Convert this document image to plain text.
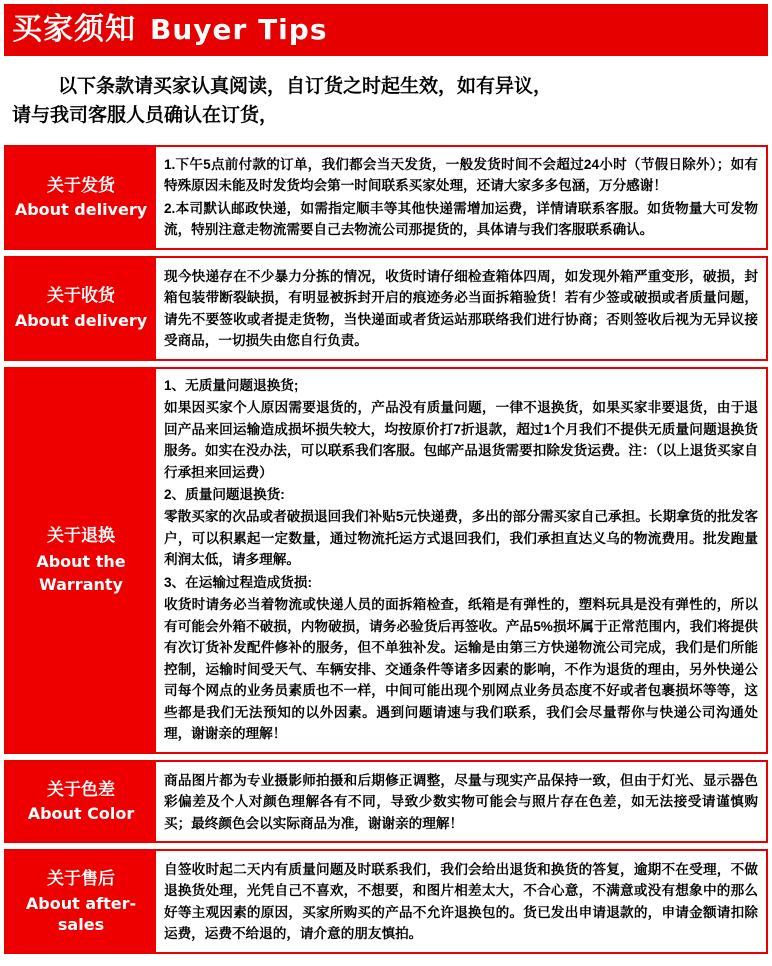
买家须知 Buyer Tips
以下条款请买家认真阅读，自订货之时起生效，如有异议，
请与我司客服人员确认在订货，
关于发货
About delivery

1.下午5点前付款的订单，我们都会当天发货，一般发货时间不会超过24小时（节假日除外）；如有特殊原因未能及时发货均会第一时间联系买家处理，还请大家多多包涵，万分感谢！

2.本司默认邮政快递，如需指定顺丰等其他快递需增加运费，详情请联系客服。如货物量大可发物流，特别注意走物流需要自己去物流公司那提货的，具体请与我们客服联系确认。

关于收货
About delivery

现今快递存在不少暴力分拣的情况，收货时请仔细检查箱体四周，如发现外箱严重变形，破损，封箱包装带断裂缺损，有明显被拆封开启的痕迹务必当面拆箱验货！若有少签或破损或者质量问题，请先不要签收或者提走货物，当快递面或者货运站那联络我们进行协商；否则签收后视为无异议接受商品，一切损失由您自行负责。

关于退换
About the Warranty

1、无质量问题退换货;

如果因买家个人原因需要退货的，产品没有质量问题，一律不退换货，如果买家非要退货，由于退回产品来回运输造成损坏损失较大，均按原价打7折退款，超过1个月我们不提供无质量问题退换货服务。如实在没办法，可以联系我们客服。包邮产品退货需要扣除发货运费。注：（以上退货买家自行承担来回运费）

2、质量问题退换货:

零散买家的次品或者破损退回我们补贴5元快递费，多出的部分需买家自己承担。长期拿货的批发客户，可以积累起一定数量，通过物流托运方式退回我们，我们承担直达义乌的物流费用。批发跑量利润太低，请多理解。

3、在运输过程造成货损:

收货时请务必当着物流或快递人员的面拆箱检查，纸箱是有弹性的，塑料玩具是没有弹性的，所以有可能会外箱不破损，内物破损，请务必验货后再签收。产品5%损坏属于正常范围内，我们将提供有次订货补发配件修补的服务，但不单独补发。运输是由第三方快递物流公司完成，我们是们所能控制，运输时间受天气、车辆安排、交通条件等诸多因素的影响，不作为退货的理由，另外快递公司每个网点的业务员素质也不一样，中间可能出现个别网点业务员态度不好或者包裹损坏等等，这些都是我们无法预知的以外因素。遇到问题请速与我们联系，我们会尽量帮你与快递公司沟通处理，谢谢亲的理解！

关于色差
About Color

商品图片都为专业摄影师拍摄和后期修正调整，尽量与现实产品保持一致，但由于灯光、显示器色彩偏差及个人对颜色理解各有不同，导致少数实物可能会与照片存在色差，如无法接受请谨慎购买；最终颜色会以实际商品为准，谢谢亲的理解！

关于售后
About after-sales

自签收时起二天内有质量问题及时联系我们，我们会给出退货和换货的答复，逾期不在受理，不做退换货处理，光凭自己不喜欢，不想要，和图片相差太大，不合心意，不满意或没有想象中的那么好等主观因素的原因，买家所购买的产品不允许退换包的。货已发出申请退款的，申请金额请扣除运费，运费不给退的，请介意的朋友慎拍。
